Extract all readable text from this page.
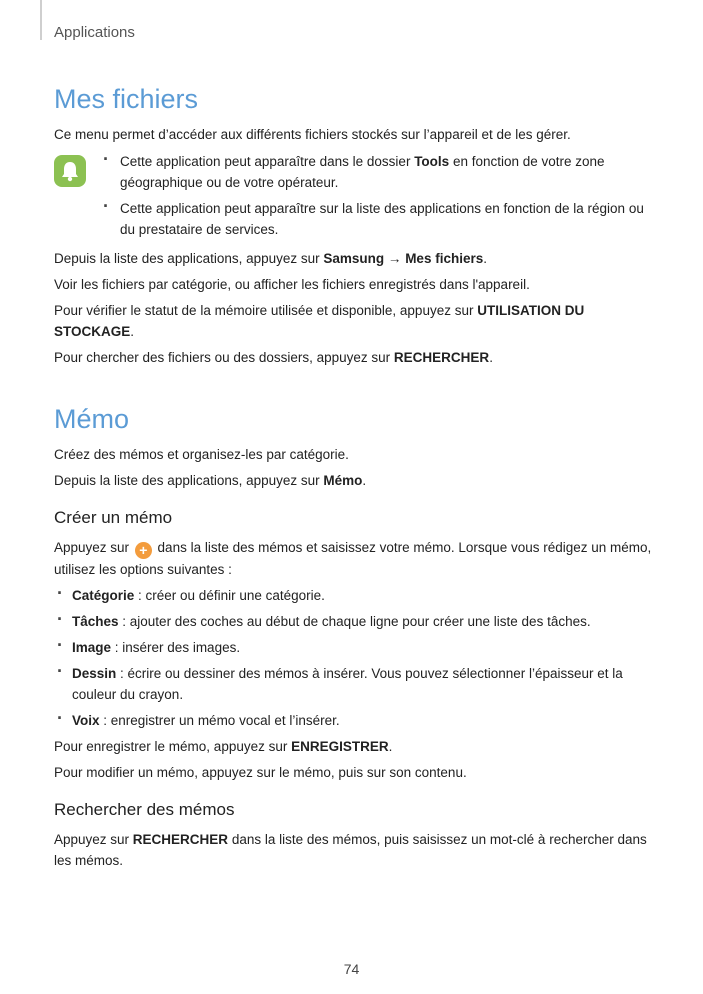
Applications
Mes fichiers

Ce menu permet d’accéder aux différents fichiers stockés sur l’appareil et de les gérer.

· Cette application peut apparaître dans le dossier Tools en fonction de votre zone géographique ou de votre opérateur.
· Cette application peut apparaître sur la liste des applications en fonction de la région ou du prestataire de services.

Depuis la liste des applications, appuyez sur Samsung → Mes fichiers.

Voir les fichiers par catégorie, ou afficher les fichiers enregistrés dans l'appareil.

Pour vérifier le statut de la mémoire utilisée et disponible, appuyez sur UTILISATION DU STOCKAGE.

Pour chercher des fichiers ou des dossiers, appuyez sur RECHERCHER.

Mémo

Créez des mémos et organisez-les par catégorie.

Depuis la liste des applications, appuyez sur Mémo.

Créer un mémo

Appuyez sur + dans la liste des mémos et saisissez votre mémo. Lorsque vous rédigez un mémo, utilisez les options suivantes :

· Catégorie : créer ou définir une catégorie.
· Tâches : ajouter des coches au début de chaque ligne pour créer une liste des tâches.
· Image : insérer des images.
· Dessin : écrire ou dessiner des mémos à insérer. Vous pouvez sélectionner l’épaisseur et la couleur du crayon.
· Voix : enregistrer un mémo vocal et l’insérer.

Pour enregistrer le mémo, appuyez sur ENREGISTRER.

Pour modifier un mémo, appuyez sur le mémo, puis sur son contenu.

Rechercher des mémos

Appuyez sur RECHERCHER dans la liste des mémos, puis saisissez un mot-clé à rechercher dans les mémos.

74
